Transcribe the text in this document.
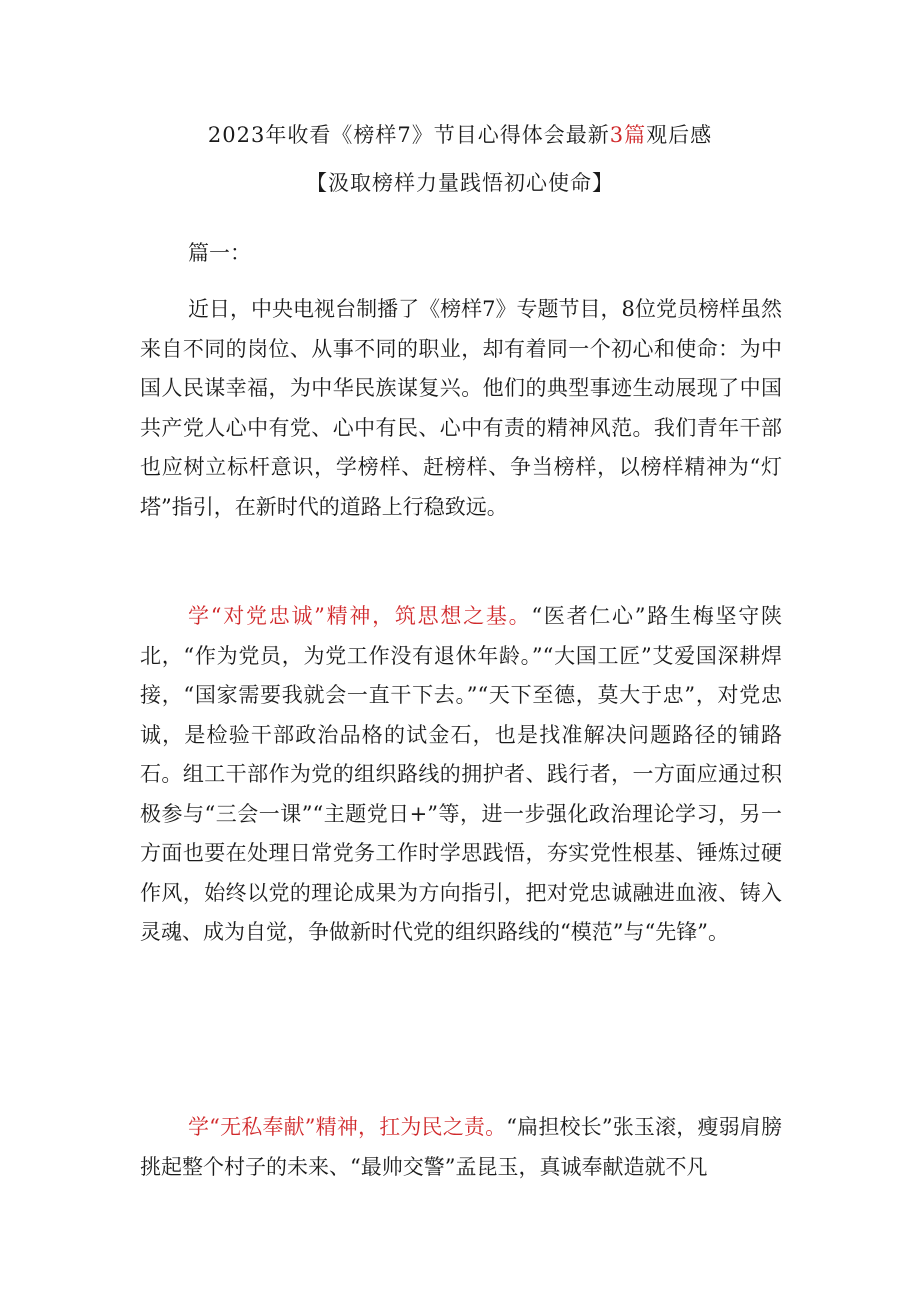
2023年收看《榜样7》节目心得体会最新3篇观后感
【汲取榜样力量践悟初心使命】
篇一：

近日，中央电视台制播了《榜样7》专题节目，8位党员榜样虽然来自不同的岗位、从事不同的职业，却有着同一个初心和使命：为中国人民谋幸福，为中华民族谋复兴。他们的典型事迹生动展现了中国共产党人心中有党、心中有民、心中有责的精神风范。我们青年干部也应树立标杆意识，学榜样、赶榜样、争当榜样，以榜样精神为“灯塔”指引，在新时代的道路上行稳致远。

学“对党忠诚”精神，筑思想之基。“医者仁心”路生梅坚守陕北，“作为党员，为党工作没有退休年龄。”“大国工匠”艾爱国深耕焊接，“国家需要我就会一直干下去。”“天下至德，莫大于忠”，对党忠诚，是检验干部政治品格的试金石，也是找准解决问题路径的铺路石。组工干部作为党的组织路线的拥护者、践行者，一方面应通过积极参与“三会一课”“主题党日+”等，进一步强化政治理论学习，另一方面也要在处理日常党务工作时学思践悟，夯实党性根基、锤炼过硬作风，始终以党的理论成果为方向指引，把对党忠诚融进血液、铸入灵魂、成为自觉，争做新时代党的组织路线的“模范”与“先锋”。

学“无私奉献”精神，扛为民之责。“扁担校长”张玉滚，瘦弱肩膀挑起整个村子的未来、“最帅交警”孟昆玉，真诚奉献造就不凡
